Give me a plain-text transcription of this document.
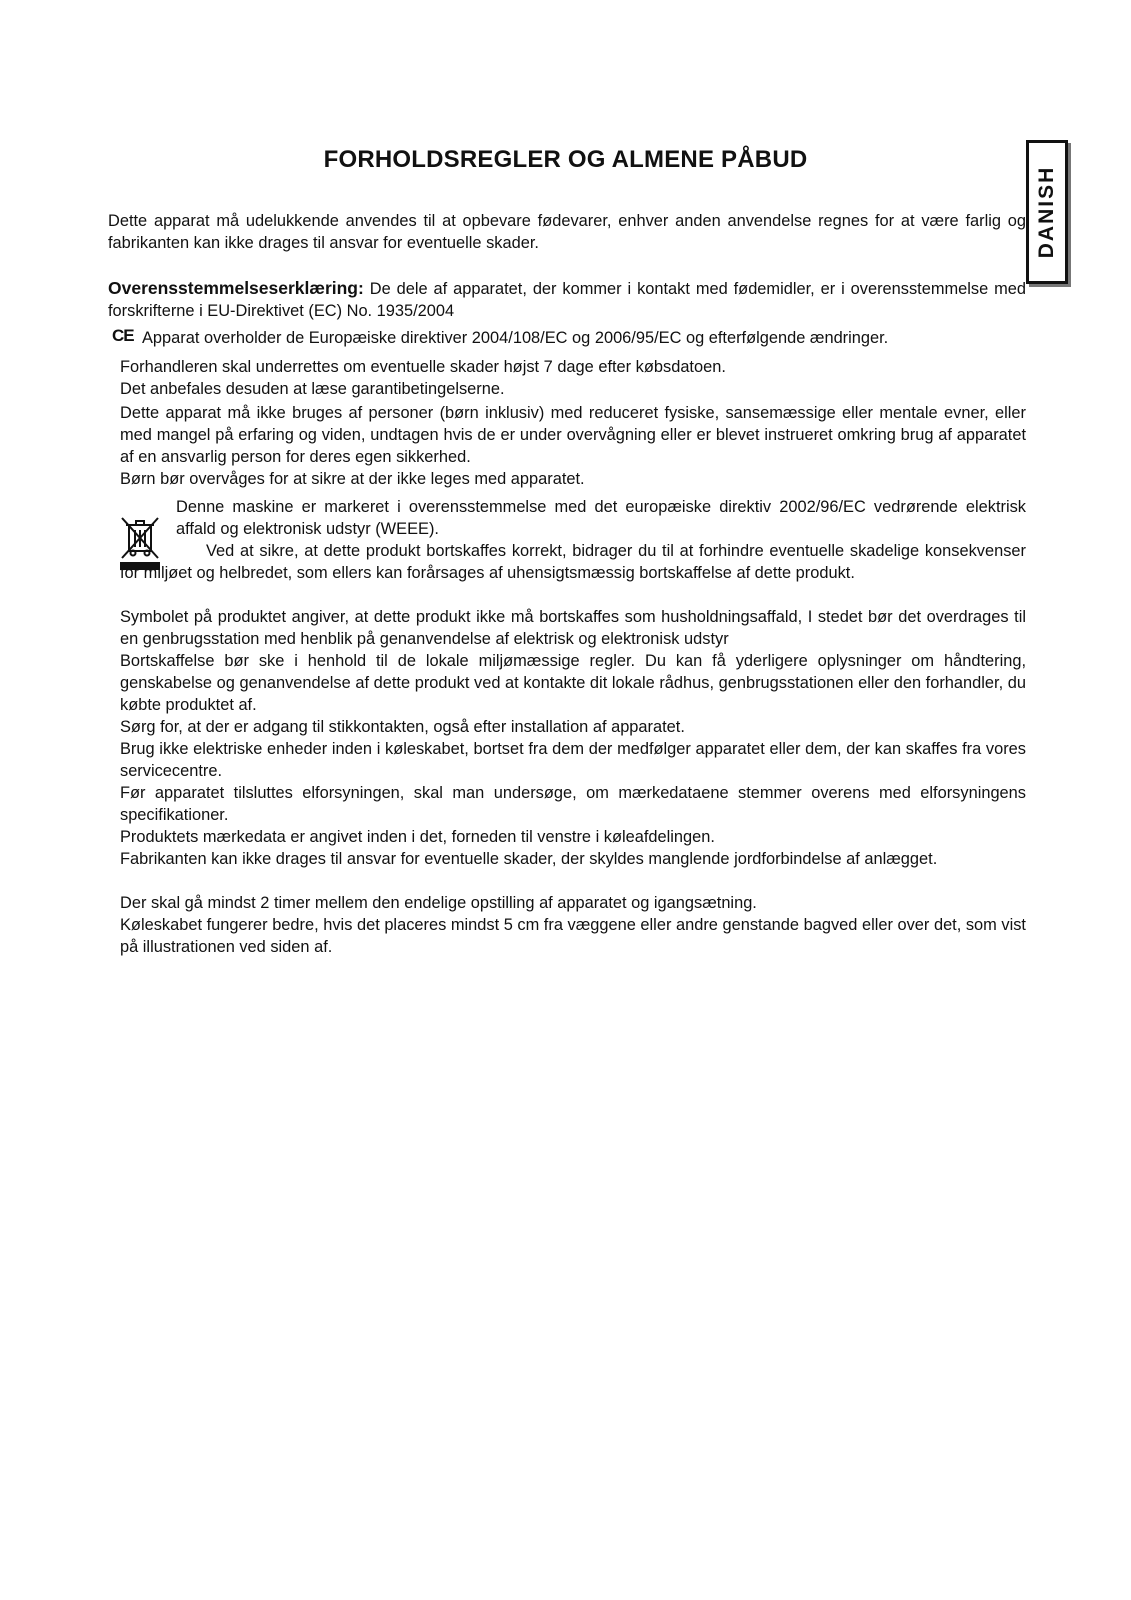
FORHOLDSREGLER OG ALMENE PÅBUD
DANISH

Dette apparat må udelukkende anvendes til at opbevare fødevarer, enhver anden anvendelse regnes for at være farlig og fabrikanten kan ikke drages til ansvar for eventuelle skader.

Overensstemmelseserklæring: De dele af apparatet, der kommer i kontakt med fødemidler, er i overensstemmelse med forskrifterne i EU-Direktivet (EC) No. 1935/2004

CE Apparat overholder de Europæiske direktiver 2004/108/EC og 2006/95/EC og efterfølgende ændringer.

Forhandleren skal underrettes om eventuelle skader højst 7 dage efter købsdatoen.

Det anbefales desuden at læse garantibetingelserne.

Dette apparat må ikke bruges af personer (børn inklusiv) med reduceret fysiske, sansemæssige eller mentale evner, eller med mangel på erfaring og viden, undtagen hvis de er under overvågning eller er blevet instrueret omkring brug af apparatet af en ansvarlig person for deres egen sikkerhed.

Børn bør overvåges for at sikre at der ikke leges med apparatet.

Denne maskine er markeret i overensstemmelse med det europæiske direktiv 2002/96/EC vedrørende elektrisk affald og elektronisk udstyr (WEEE).

Ved at sikre, at dette produkt bortskaffes korrekt, bidrager du til at forhindre eventuelle skadelige konsekvenser for miljøet og helbredet, som ellers kan forårsages af uhensigtsmæssig bortskaffelse af dette produkt.

Symbolet på produktet angiver, at dette produkt ikke må bortskaffes som husholdningsaffald, I stedet bør det overdrages til en genbrugsstation med henblik på genanvendelse af elektrisk og elektronisk udstyr

Bortskaffelse bør ske i henhold til de lokale miljømæssige regler. Du kan få yderligere oplysninger om håndtering, genskabelse og genanvendelse af dette produkt ved at kontakte dit lokale rådhus, genbrugsstationen eller den forhandler, du købte produktet af.

Sørg for, at der er adgang til stikkontakten, også efter installation af apparatet.

Brug ikke elektriske enheder inden i køleskabet, bortset fra dem der medfølger apparatet eller dem, der kan skaffes fra vores servicecentre.

Før apparatet tilsluttes elforsyningen, skal man undersøge, om mærkedataene stemmer overens med elforsyningens specifikationer.

Produktets mærkedata er angivet inden i det, forneden til venstre i køleafdelingen.

Fabrikanten kan ikke drages til ansvar for eventuelle skader, der skyldes manglende jordforbindelse af anlægget.

Der skal gå mindst 2 timer mellem den endelige opstilling af apparatet og igangsætning.

Køleskabet fungerer bedre, hvis det placeres mindst 5 cm fra væggene eller andre genstande bagved eller over det, som vist på illustrationen ved siden af.
